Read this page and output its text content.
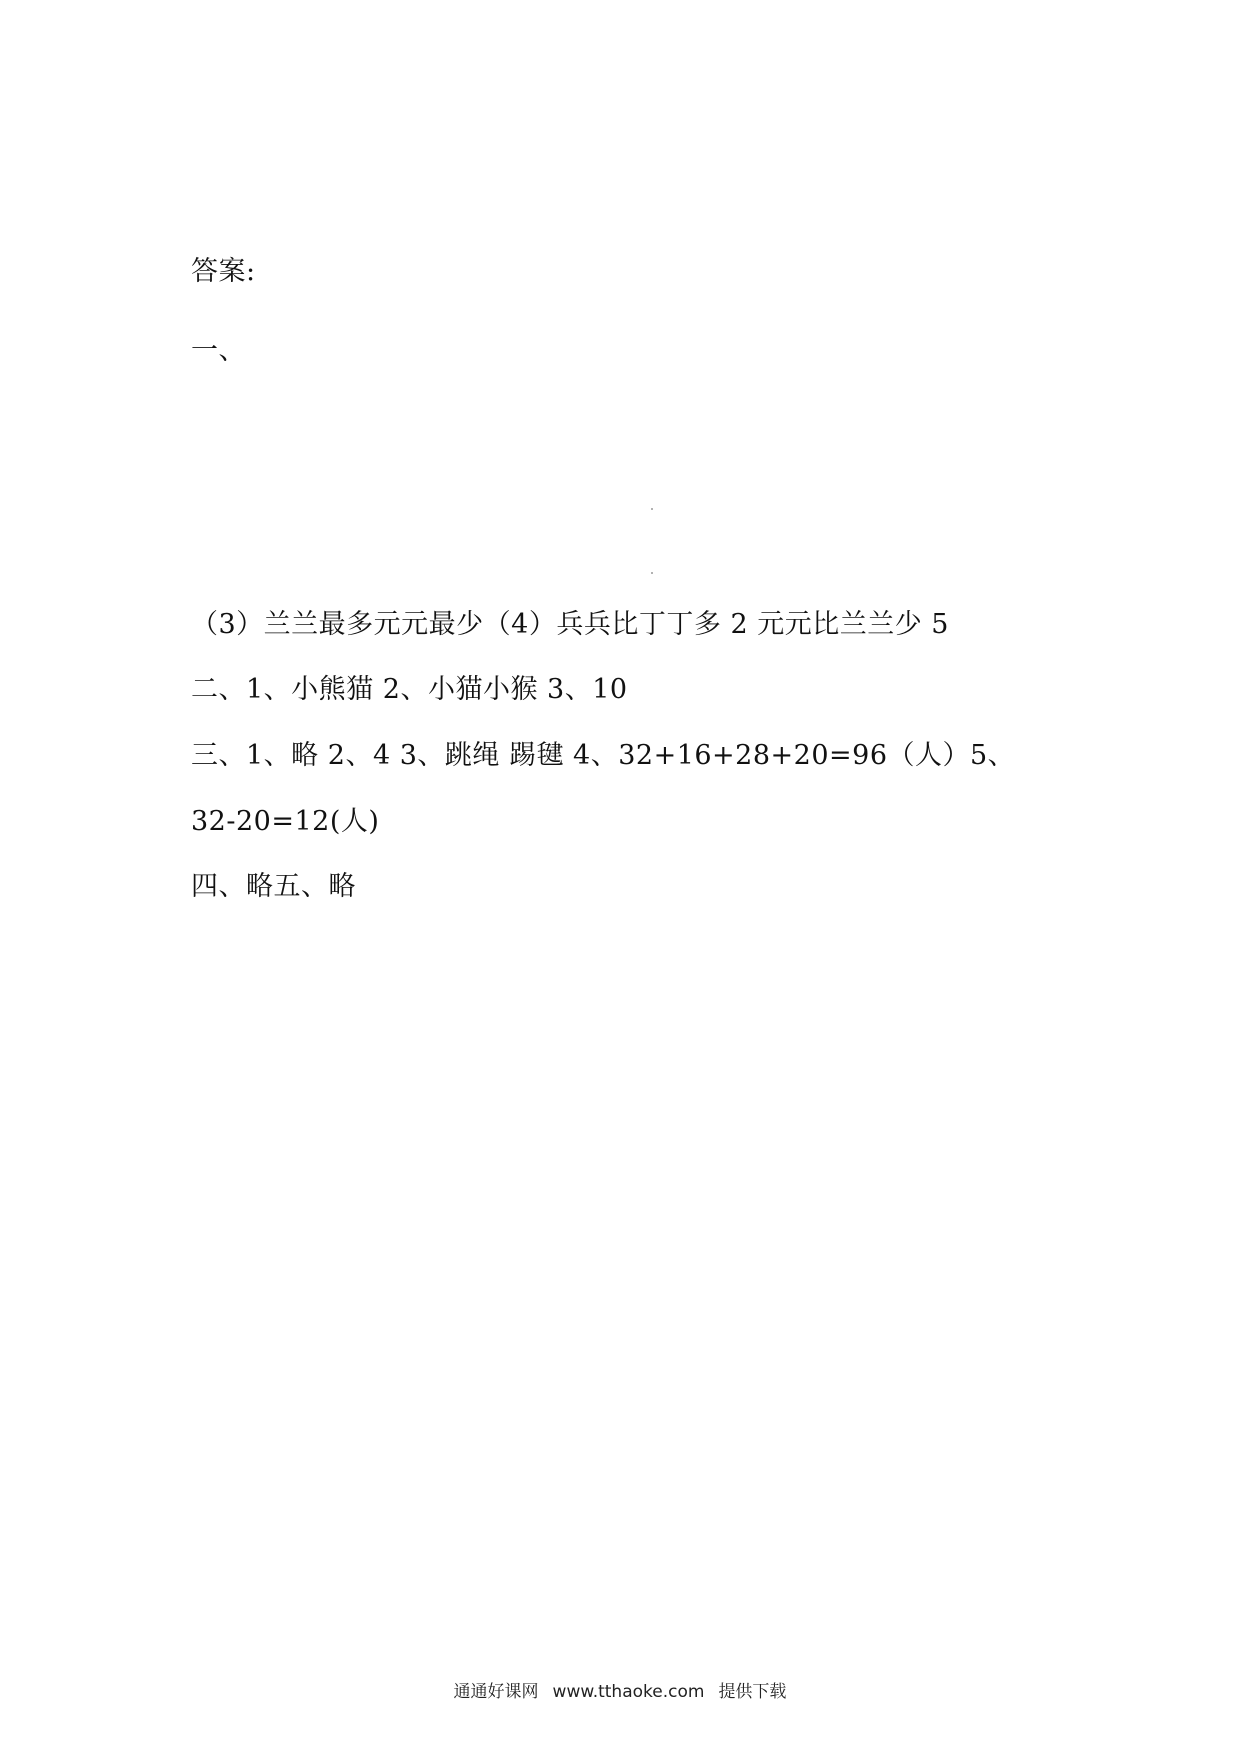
答案:
一、
（3）兰兰最多元元最少（4）兵兵比丁丁多 2 元元比兰兰少 5
二、1、小熊猫 2、小猫小猴 3、10
三、1、略 2、4 3、跳绳 踢毽 4、32+16+28+20=96（人）5、
32-20=12(人)
四、略五、略
通通好课网 www.tthaoke.com 提供下载
